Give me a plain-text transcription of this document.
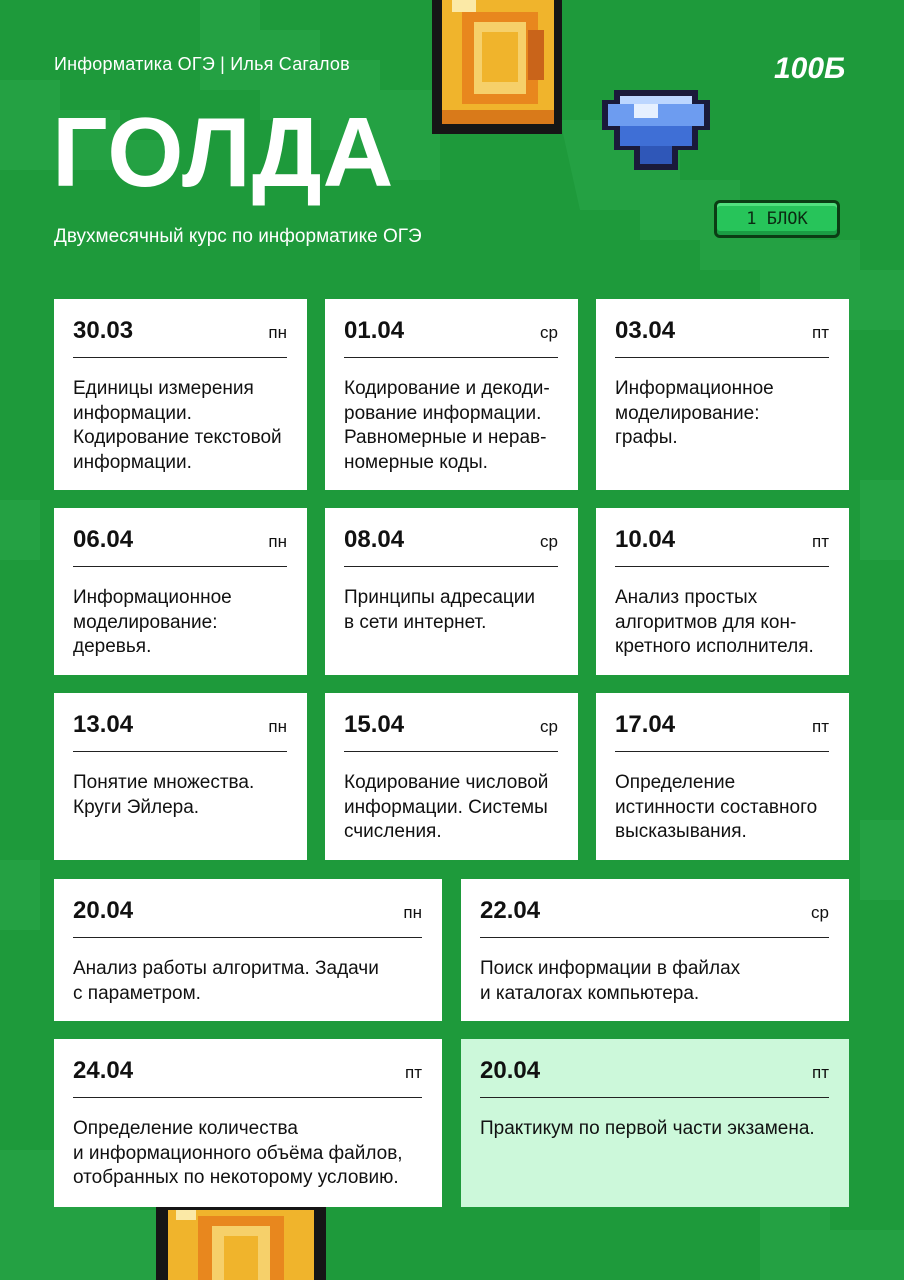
Информатика ОГЭ | Илья Сагалов	100Б
ГОЛДА
Двухмесячный курс по информатике ОГЭ
1 БЛОК
30.03	пн
Единицы измерения
информации.
Кодирование текстовой
информации.
01.04	ср
Кодирование и декоди-
рование информации.
Равномерные и нерав-
номерные коды.
03.04	пт
Информационное
моделирование:
графы.
06.04	пн
Информационное
моделирование:
деревья.
08.04	ср
Принципы адресации
в сети интернет.
10.04	пт
Анализ простых
алгоритмов для кон-
кретного исполнителя.
13.04	пн
Понятие множества.
Круги Эйлера.
15.04	ср
Кодирование числовой
информации. Системы
счисления.
17.04	пт
Определение
истинности составного
высказывания.
20.04	пн
Анализ работы алгоритма. Задачи
с параметром.
22.04	ср
Поиск информации в файлах
и каталогах компьютера.
24.04	пт
Определение количества
и информационного объёма файлов,
отобранных по некоторому условию.
20.04	пт
Практикум по первой части экзамена.
